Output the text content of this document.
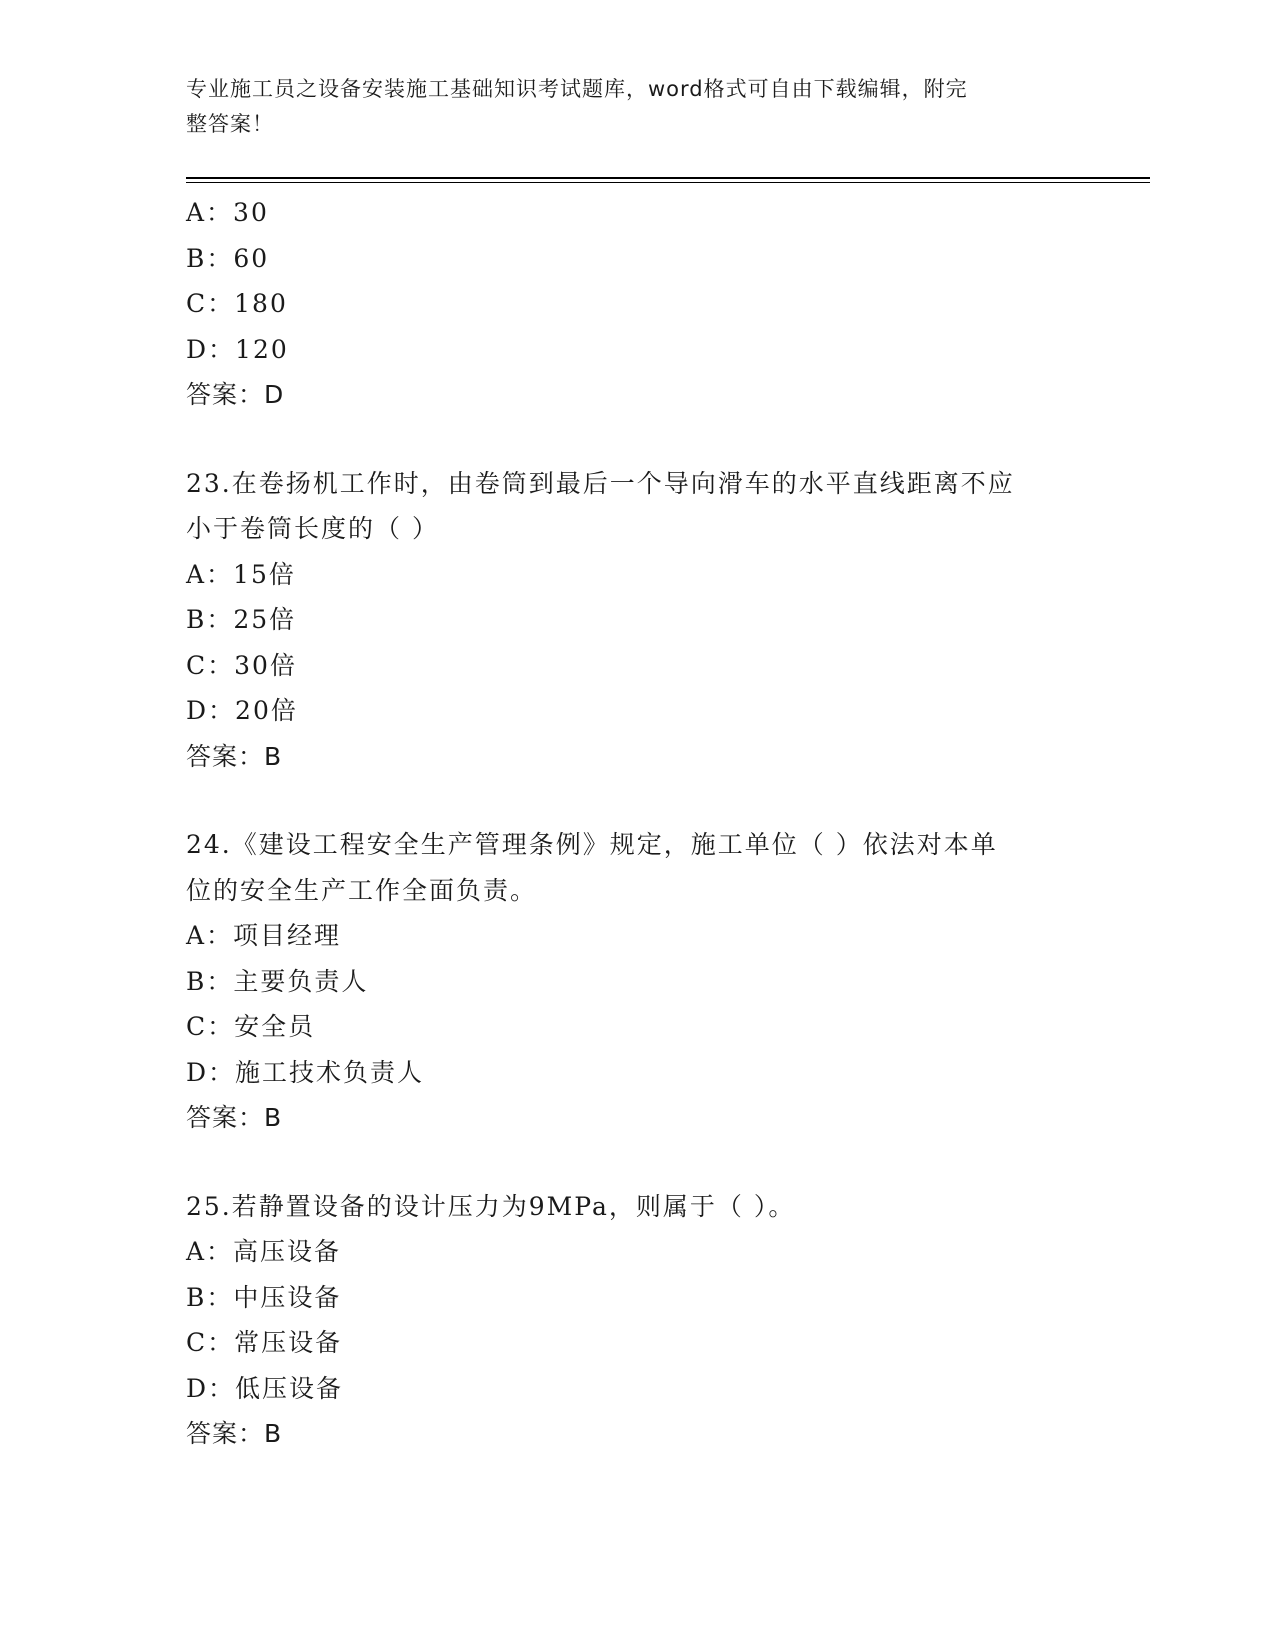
专业施工员之设备安装施工基础知识考试题库，word格式可自由下载编辑，附完
整答案！
A：30
B：60
C：180
D：120
答案：D
23.在卷扬机工作时，由卷筒到最后一个导向滑车的水平直线距离不应
小于卷筒长度的（ ）
A：15倍
B：25倍
C：30倍
D：20倍
答案：B
24.《建设工程安全生产管理条例》规定，施工单位（ ）依法对本单
位的安全生产工作全面负责。
A：项目经理
B：主要负责人
C：安全员
D：施工技术负责人
答案：B
25.若静置设备的设计压力为9MPa，则属于（ ）。
A：高压设备
B：中压设备
C：常压设备
D：低压设备
答案：B
